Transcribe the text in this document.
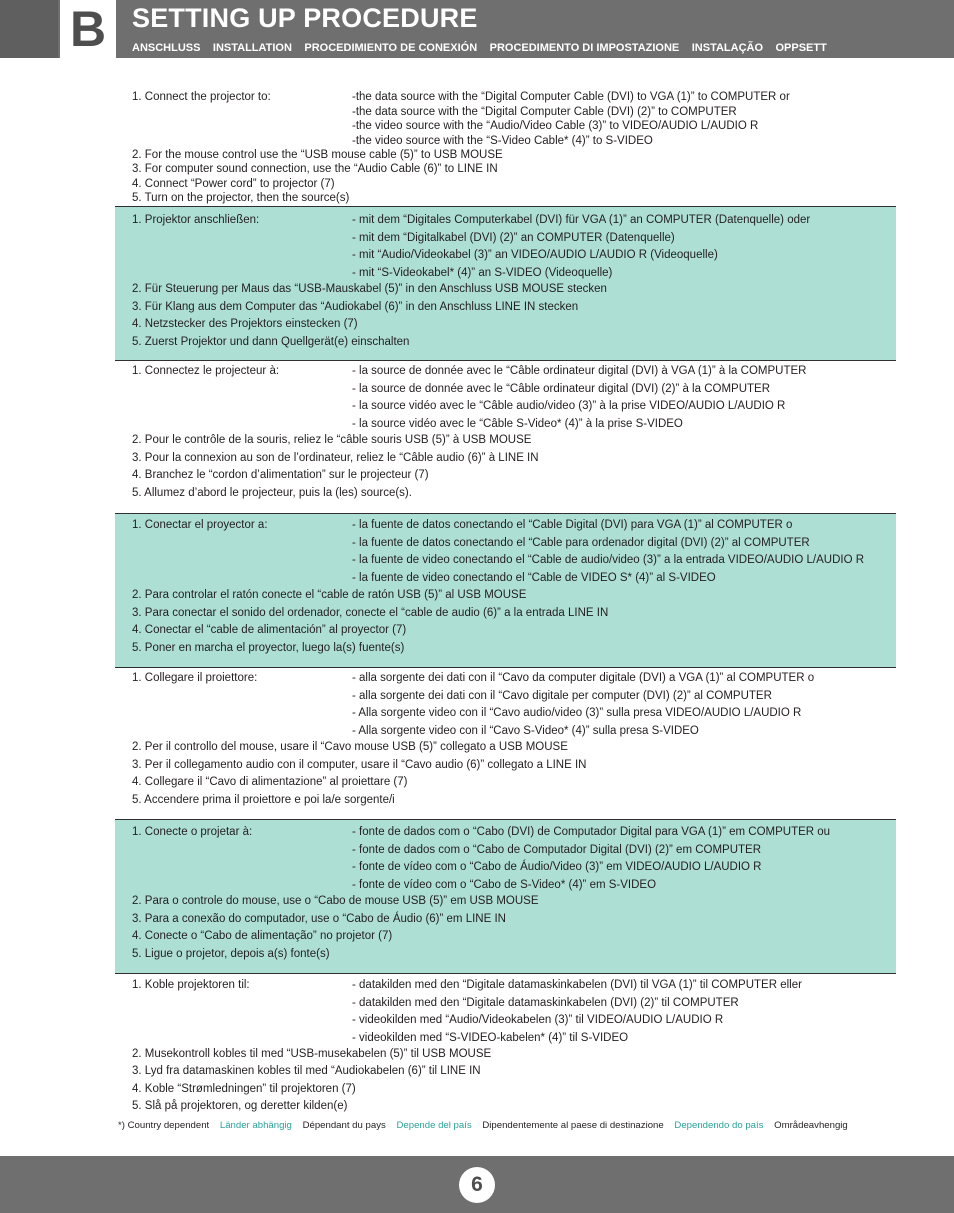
B SETTING UP PROCEDURE
ANSCHLUSS INSTALLATION PROCEDIMIENTO DE CONEXIÓN PROCEDIMENTO DI IMPOSTAZIONE INSTALAÇÃO OPPSETT
1. Connect the projector to:	-the data source with the “Digital Computer Cable (DVI) to VGA (1)” to COMPUTER or
-the data source with the “Digital Computer Cable (DVI) (2)” to COMPUTER
-the video source with the “Audio/Video Cable (3)” to VIDEO/AUDIO L/AUDIO R
-the video source with the “S-Video Cable* (4)” to S-VIDEO
2. For the mouse control use the “USB mouse cable (5)” to USB MOUSE
3. For computer sound connection, use the “Audio Cable (6)” to LINE IN
4. Connect “Power cord” to projector (7)
5. Turn on the projector, then the source(s)
1. Projektor anschließen:	- mit dem “Digitales Computerkabel (DVI) für VGA (1)” an COMPUTER (Datenquelle) oder
- mit dem “Digitalkabel (DVI) (2)” an COMPUTER (Datenquelle)
- mit “Audio/Videokabel (3)” an VIDEO/AUDIO L/AUDIO R (Videoquelle)
- mit “S-Videokabel* (4)” an S-VIDEO (Videoquelle)
2. Für Steuerung per Maus das “USB-Mauskabel (5)” in den Anschluss USB MOUSE stecken
3. Für Klang aus dem Computer das “Audiokabel (6)” in den Anschluss LINE IN stecken
4. Netzstecker des Projektors einstecken (7)
5. Zuerst Projektor und dann Quellgerät(e) einschalten
1. Connectez le projecteur à:	- la source de donnée avec le “Câble ordinateur digital (DVI) à VGA (1)” à la COMPUTER
- la source de donnée avec le “Câble ordinateur digital (DVI) (2)” à la COMPUTER
- la source vidéo avec le “Câble audio/video (3)” à la prise VIDEO/AUDIO L/AUDIO R
- la source vidéo avec le “Câble S-Video* (4)” à la prise S-VIDEO
2. Pour le contrôle de la souris, reliez le “câble souris USB (5)” à USB MOUSE
3. Pour la connexion au son de l’ordinateur, reliez le “Câble audio (6)” à LINE IN
4. Branchez le “cordon d’alimentation” sur le projecteur (7)
5. Allumez d’abord le projecteur, puis la (les) source(s).
1. Conectar el proyector a:	- la fuente de datos conectando el “Cable Digital (DVI) para VGA (1)” al COMPUTER o
- la fuente de datos conectando el “Cable para ordenador digital (DVI) (2)” al COMPUTER
- la fuente de video conectando el “Cable de audio/video (3)” a la entrada VIDEO/AUDIO L/AUDIO R
- la fuente de video conectando el “Cable de VIDEO S* (4)” al S-VIDEO
2. Para controlar el ratón conecte el “cable de ratón USB (5)” al USB MOUSE
3. Para conectar el sonido del ordenador, conecte el “cable de audio (6)” a la entrada LINE IN
4. Conectar el “cable de alimentación” al proyector (7)
5. Poner en marcha el proyector, luego la(s) fuente(s)
1. Collegare il proiettore:	- alla sorgente dei dati con il “Cavo da computer digitale (DVI) a VGA (1)” al COMPUTER o
- alla sorgente dei dati con il “Cavo digitale per computer (DVI) (2)” al COMPUTER
- Alla sorgente video con il “Cavo audio/video (3)” sulla presa VIDEO/AUDIO L/AUDIO R
- Alla sorgente video con il “Cavo S-Video* (4)” sulla presa S-VIDEO
2. Per il controllo del mouse, usare il “Cavo mouse USB (5)” collegato a USB MOUSE
3. Per il collegamento audio con il computer, usare il “Cavo audio (6)” collegato a LINE IN
4. Collegare il “Cavo di alimentazione” al proiettare (7)
5. Accendere prima il proiettore e poi la/e sorgente/i
1. Conecte o projetar à:	- fonte de dados com o “Cabo (DVI) de Computador Digital para VGA (1)” em COMPUTER ou
- fonte de dados com o “Cabo de Computador Digital (DVI) (2)” em COMPUTER
- fonte de vídeo com o “Cabo de Áudio/Video (3)” em VIDEO/AUDIO L/AUDIO R
- fonte de vídeo com o “Cabo de S-Video* (4)” em S-VIDEO
2. Para o controle do mouse, use o “Cabo de mouse USB (5)” em USB MOUSE
3. Para a conexão do computador, use o “Cabo de Áudio (6)” em LINE IN
4. Conecte o “Cabo de alimentação” no projetor (7)
5. Ligue o projetor, depois a(s) fonte(s)
1. Koble projektoren til:	- datakilden med den “Digitale datamaskinkabelen (DVI) til VGA (1)” til COMPUTER eller
- datakilden med den “Digitale datamaskinkabelen (DVI) (2)” til COMPUTER
- videokilden med “Audio/Videokabelen (3)” til VIDEO/AUDIO L/AUDIO R
- videokilden med “S-VIDEO-kabelen* (4)” til S-VIDEO
2. Musekontroll kobles til med “USB-musekabelen (5)” til USB MOUSE
3. Lyd fra datamaskinen kobles til med “Audiokabelen (6)” til LINE IN
4. Koble “Strømledningen” til projektoren (7)
5. Slå på projektoren, og deretter kilden(e)
*) Country dependent Länder abhängig Dépendant du pays Depende del país Dipendentemente al paese di destinazione Dependendo do país Områdeavhengig
6
